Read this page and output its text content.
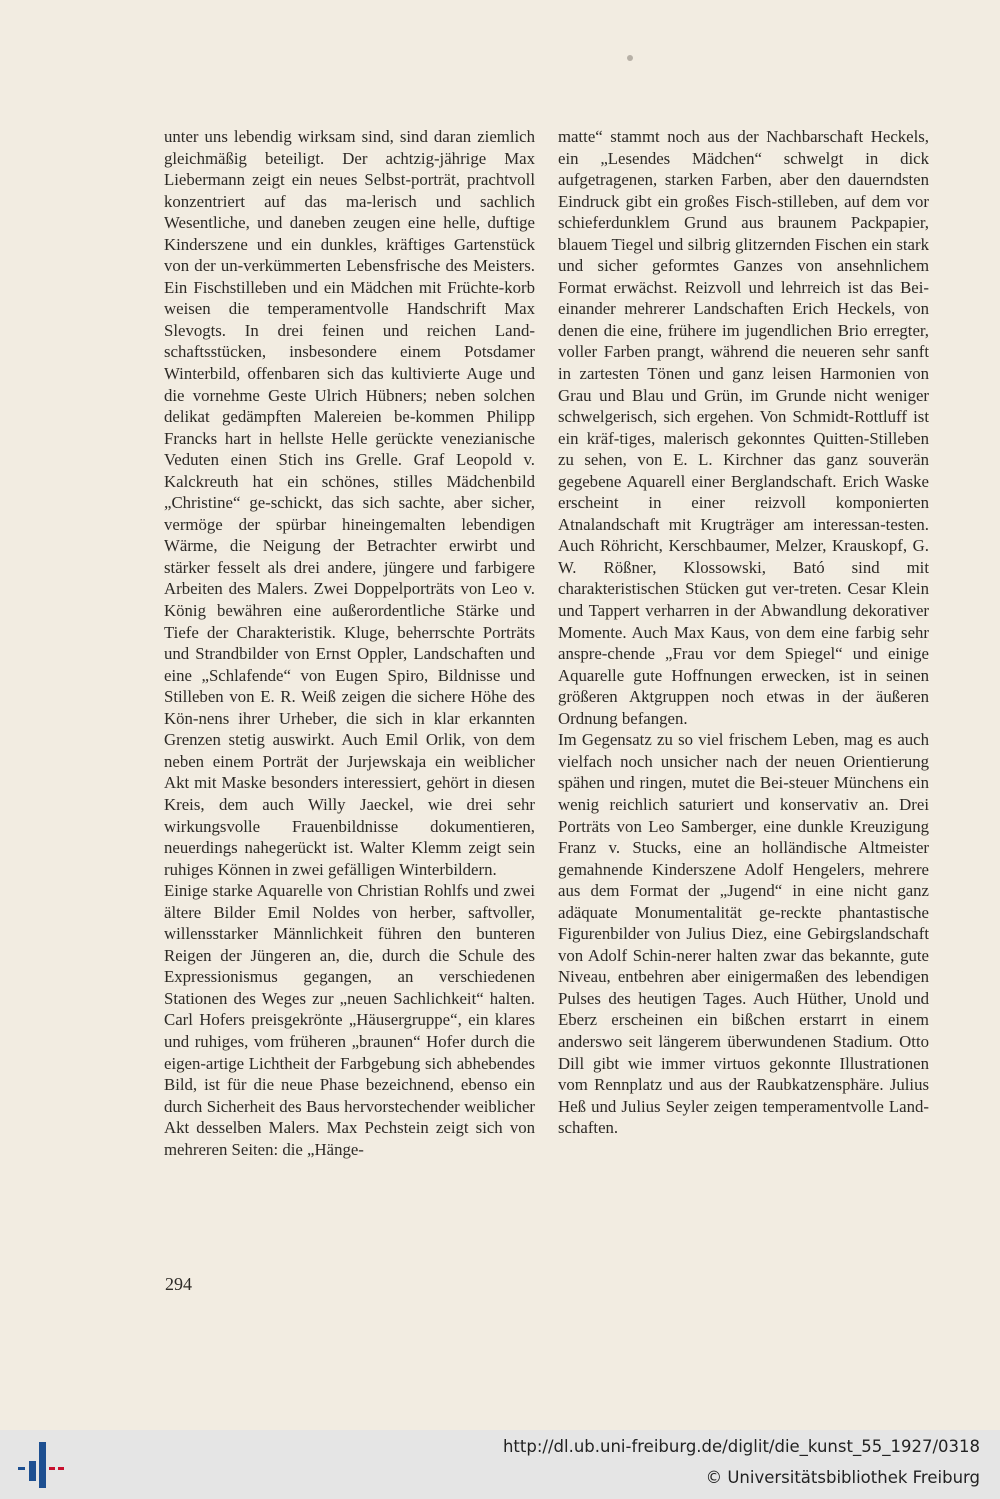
unter uns lebendig wirksam sind, sind daran ziemlich gleichmäßig beteiligt. Der achtzig-jährige Max Liebermann zeigt ein neues Selbst-porträt, prachtvoll konzentriert auf das ma-lerisch und sachlich Wesentliche, und daneben zeugen eine helle, duftige Kinderszene und ein dunkles, kräftiges Gartenstück von der un-verkümmerten Lebensfrische des Meisters. Ein Fischstilleben und ein Mädchen mit Früchte-korb weisen die temperamentvolle Handschrift Max Slevogts. In drei feinen und reichen Land-schaftsstücken, insbesondere einem Potsdamer Winterbild, offenbaren sich das kultivierte Auge und die vornehme Geste Ulrich Hübners; neben solchen delikat gedämpften Malereien be-kommen Philipp Francks hart in hellste Helle gerückte venezianische Veduten einen Stich ins Grelle. Graf Leopold v. Kalckreuth hat ein schönes, stilles Mädchenbild „Christine“ ge-schickt, das sich sachte, aber sicher, vermöge der spürbar hineingemalten lebendigen Wärme, die Neigung der Betrachter erwirbt und stärker fesselt als drei andere, jüngere und farbigere Arbeiten des Malers. Zwei Doppelporträts von Leo v. König bewähren eine außerordentliche Stärke und Tiefe der Charakteristik. Kluge, beherrschte Porträts und Strandbilder von Ernst Oppler, Landschaften und eine „Schlafende“ von Eugen Spiro, Bildnisse und Stilleben von E. R. Weiß zeigen die sichere Höhe des Kön-nens ihrer Urheber, die sich in klar erkannten Grenzen stetig auswirkt. Auch Emil Orlik, von dem neben einem Porträt der Jurjewskaja ein weiblicher Akt mit Maske besonders interessiert, gehört in diesen Kreis, dem auch Willy Jaeckel, wie drei sehr wirkungsvolle Frauenbildnisse dokumentieren, neuerdings nahegerückt ist. Walter Klemm zeigt sein ruhiges Können in zwei gefälligen Winterbildern.

Einige starke Aquarelle von Christian Rohlfs und zwei ältere Bilder Emil Noldes von herber, saftvoller, willensstarker Männlichkeit führen den bunteren Reigen der Jüngeren an, die, durch die Schule des Expressionismus gegangen, an verschiedenen Stationen des Weges zur „neuen Sachlichkeit“ halten. Carl Hofers preisgekrönte „Häusergruppe“, ein klares und ruhiges, vom früheren „braunen“ Hofer durch die eigen-artige Lichtheit der Farbgebung sich abhebendes Bild, ist für die neue Phase bezeichnend, ebenso ein durch Sicherheit des Baus hervorstechender weiblicher Akt desselben Malers. Max Pechstein zeigt sich von mehreren Seiten: die „Hänge-

matte“ stammt noch aus der Nachbarschaft Heckels, ein „Lesendes Mädchen“ schwelgt in dick aufgetragenen, starken Farben, aber den dauerndsten Eindruck gibt ein großes Fisch-stilleben, auf dem vor schieferdunklem Grund aus braunem Packpapier, blauem Tiegel und silbrig glitzernden Fischen ein stark und sicher geformtes Ganzes von ansehnlichem Format erwächst. Reizvoll und lehrreich ist das Bei-einander mehrerer Landschaften Erich Heckels, von denen die eine, frühere im jugendlichen Brio erregter, voller Farben prangt, während die neueren sehr sanft in zartesten Tönen und ganz leisen Harmonien von Grau und Blau und Grün, im Grunde nicht weniger schwelgerisch, sich ergehen. Von Schmidt-Rottluff ist ein kräf-tiges, malerisch gekonntes Quitten-Stilleben zu sehen, von E. L. Kirchner das ganz souverän gegebene Aquarell einer Berglandschaft. Erich Waske erscheint in einer reizvoll komponierten Atnalandschaft mit Krugträger am interessan-testen. Auch Röhricht, Kerschbaumer, Melzer, Krauskopf, G. W. Rößner, Klossowski, Bató sind mit charakteristischen Stücken gut ver-treten. Cesar Klein und Tappert verharren in der Abwandlung dekorativer Momente. Auch Max Kaus, von dem eine farbig sehr anspre-chende „Frau vor dem Spiegel“ und einige Aquarelle gute Hoffnungen erwecken, ist in seinen größeren Aktgruppen noch etwas in der äußeren Ordnung befangen.

Im Gegensatz zu so viel frischem Leben, mag es auch vielfach noch unsicher nach der neuen Orientierung spähen und ringen, mutet die Bei-steuer Münchens ein wenig reichlich saturiert und konservativ an. Drei Porträts von Leo Samberger, eine dunkle Kreuzigung Franz v. Stucks, eine an holländische Altmeister gemahnende Kinderszene Adolf Hengelers, mehrere aus dem Format der „Jugend“ in eine nicht ganz adäquate Monumentalität ge-reckte phantastische Figurenbilder von Julius Diez, eine Gebirgslandschaft von Adolf Schin-nerer halten zwar das bekannte, gute Niveau, entbehren aber einigermaßen des lebendigen Pulses des heutigen Tages. Auch Hüther, Unold und Eberz erscheinen ein bißchen erstarrt in einem anderswo seit längerem überwundenen Stadium. Otto Dill gibt wie immer virtuos gekonnte Illustrationen vom Rennplatz und aus der Raubkatzensphäre. Julius Heß und Julius Seyler zeigen temperamentvolle Land-schaften.

294
http://dl.ub.uni-freiburg.de/diglit/die_kunst_55_1927/0318
© Universitätsbibliothek Freiburg
